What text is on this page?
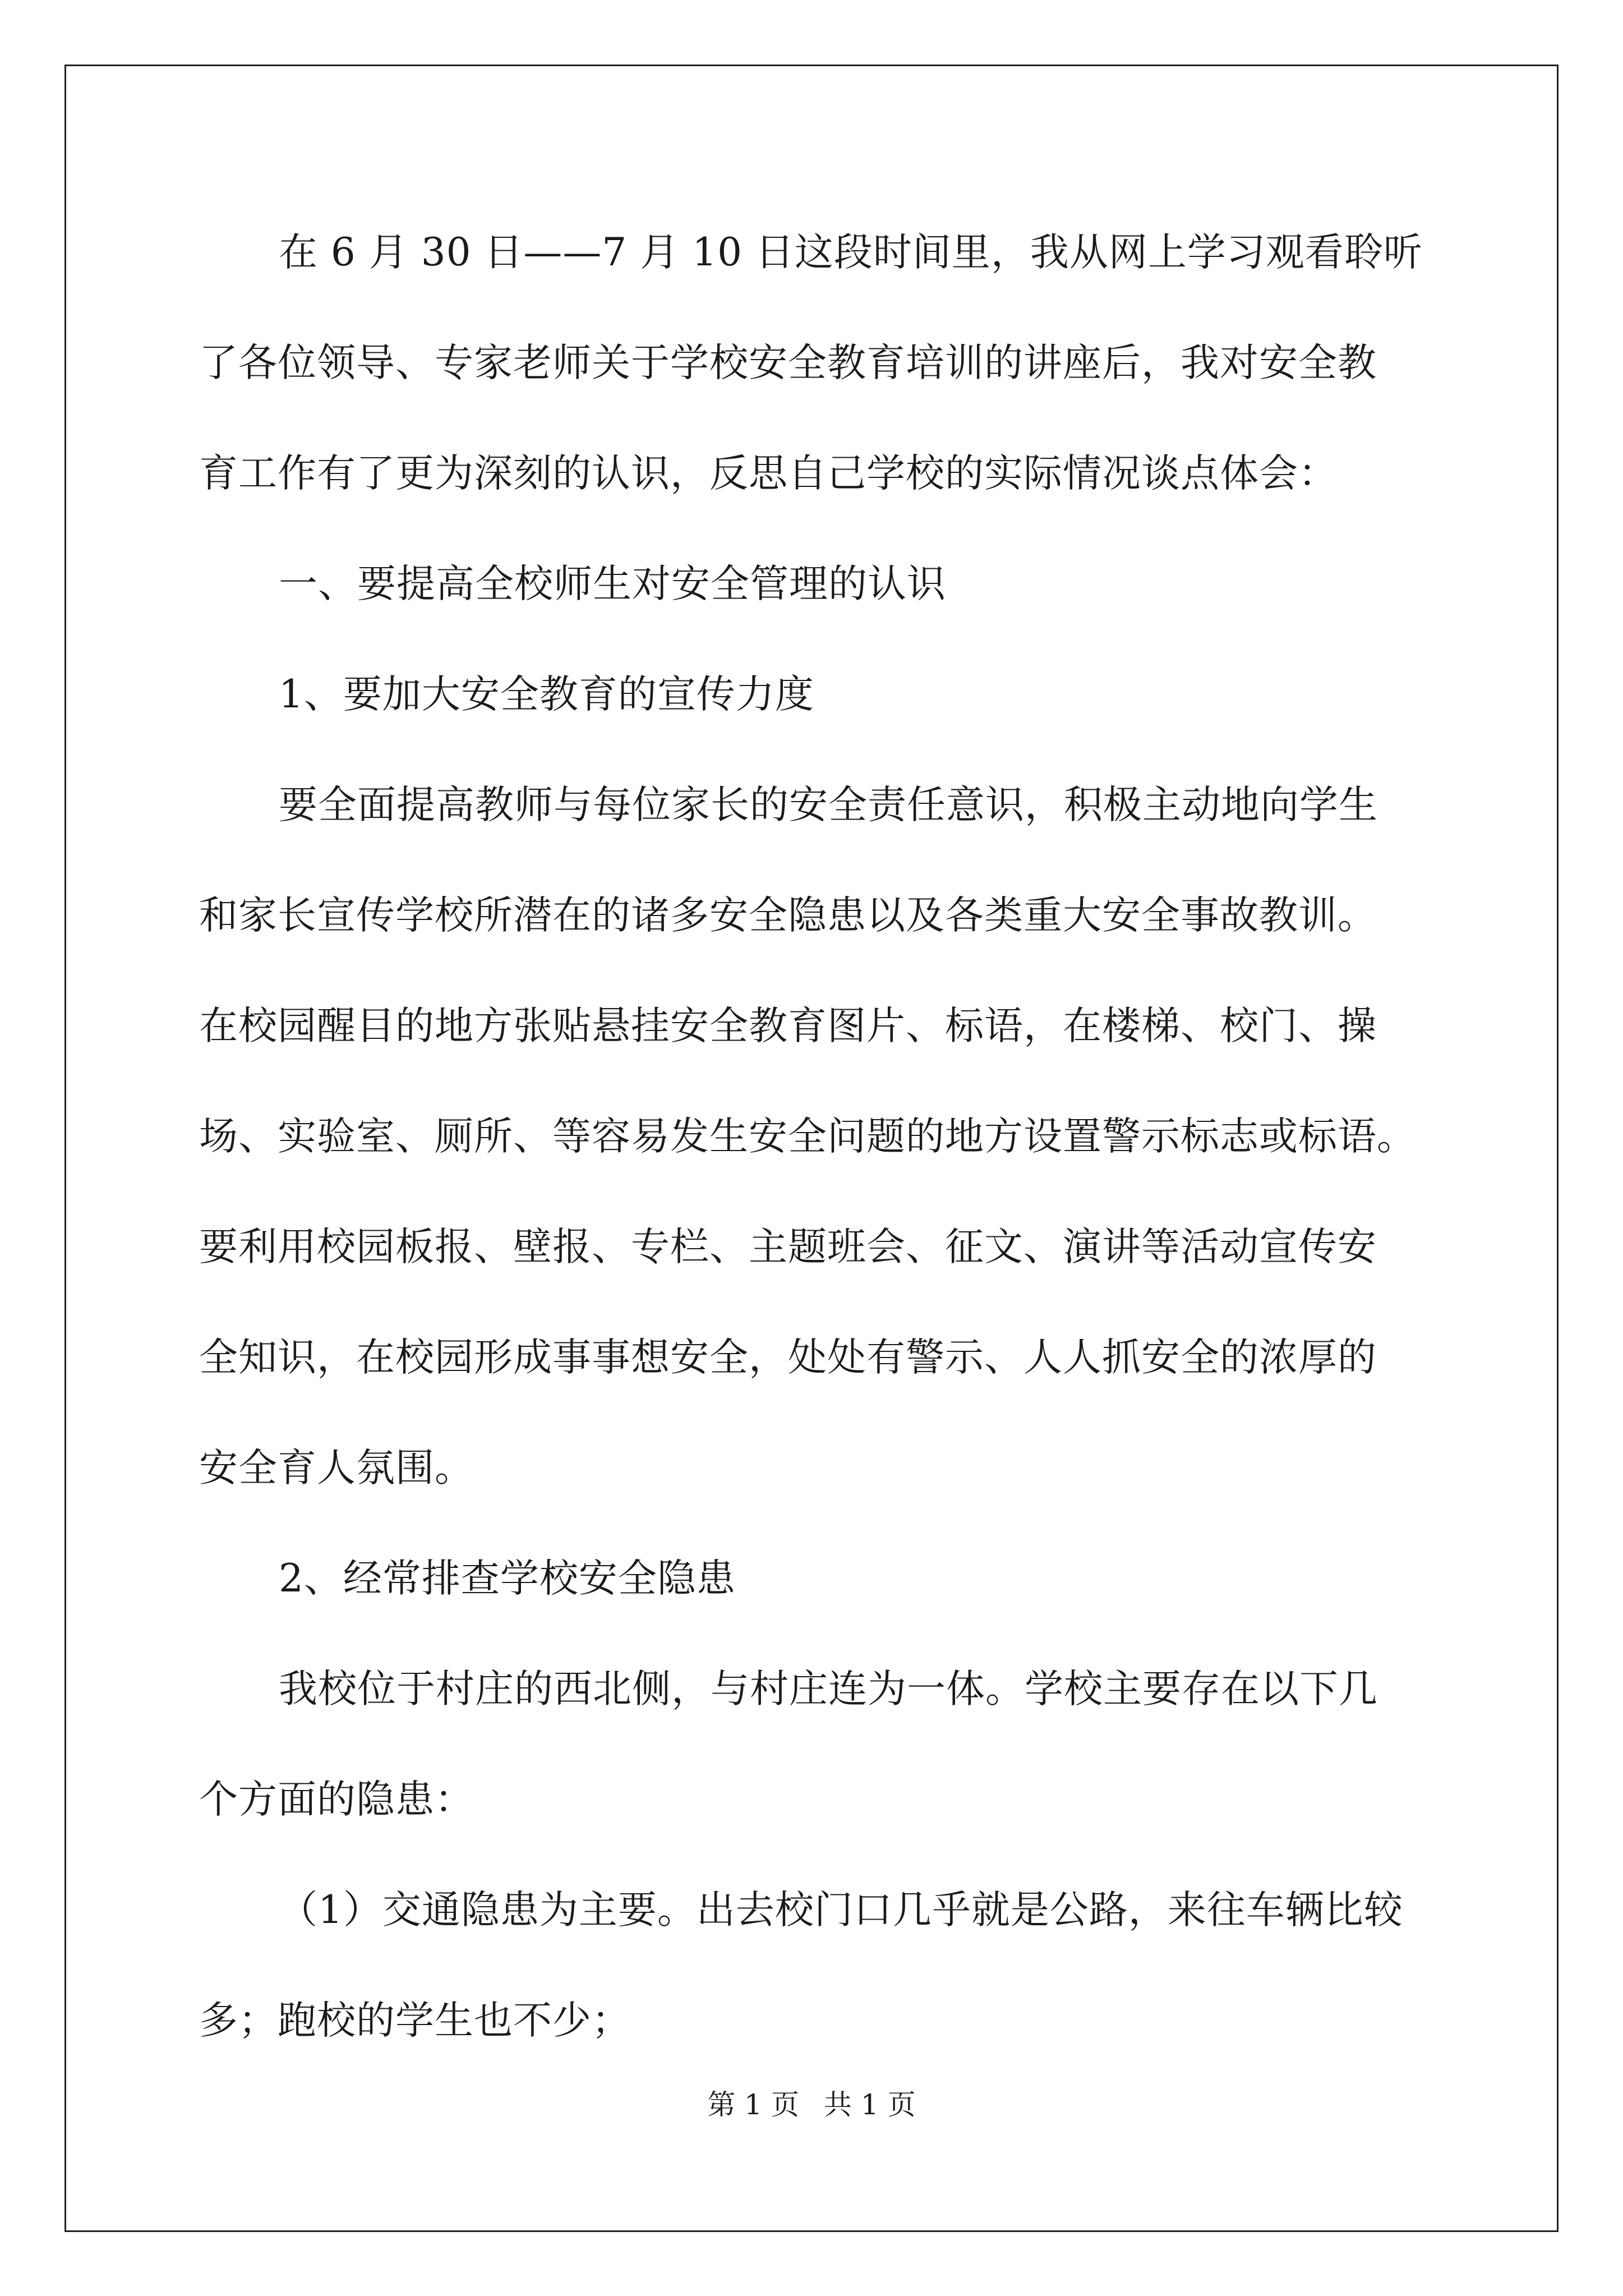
在 6 月 30 日——7 月 10 日这段时间里，我从网上学习观看聆听
了各位领导、专家老师关于学校安全教育培训的讲座后，我对安全教
育工作有了更为深刻的认识，反思自己学校的实际情况谈点体会：
一、要提高全校师生对安全管理的认识
1、要加大安全教育的宣传力度
要全面提高教师与每位家长的安全责任意识，积极主动地向学生
和家长宣传学校所潜在的诸多安全隐患以及各类重大安全事故教训。
在校园醒目的地方张贴悬挂安全教育图片、标语，在楼梯、校门、操
场、实验室、厕所、等容易发生安全问题的地方设置警示标志或标语。
要利用校园板报、壁报、专栏、主题班会、征文、演讲等活动宣传安
全知识，在校园形成事事想安全，处处有警示、人人抓安全的浓厚的
安全育人氛围。
2、经常排查学校安全隐患
我校位于村庄的西北侧，与村庄连为一体。学校主要存在以下几
个方面的隐患：
（1）交通隐患为主要。出去校门口几乎就是公路，来往车辆比较
多；跑校的学生也不少；
第 1 页 共 1 页
